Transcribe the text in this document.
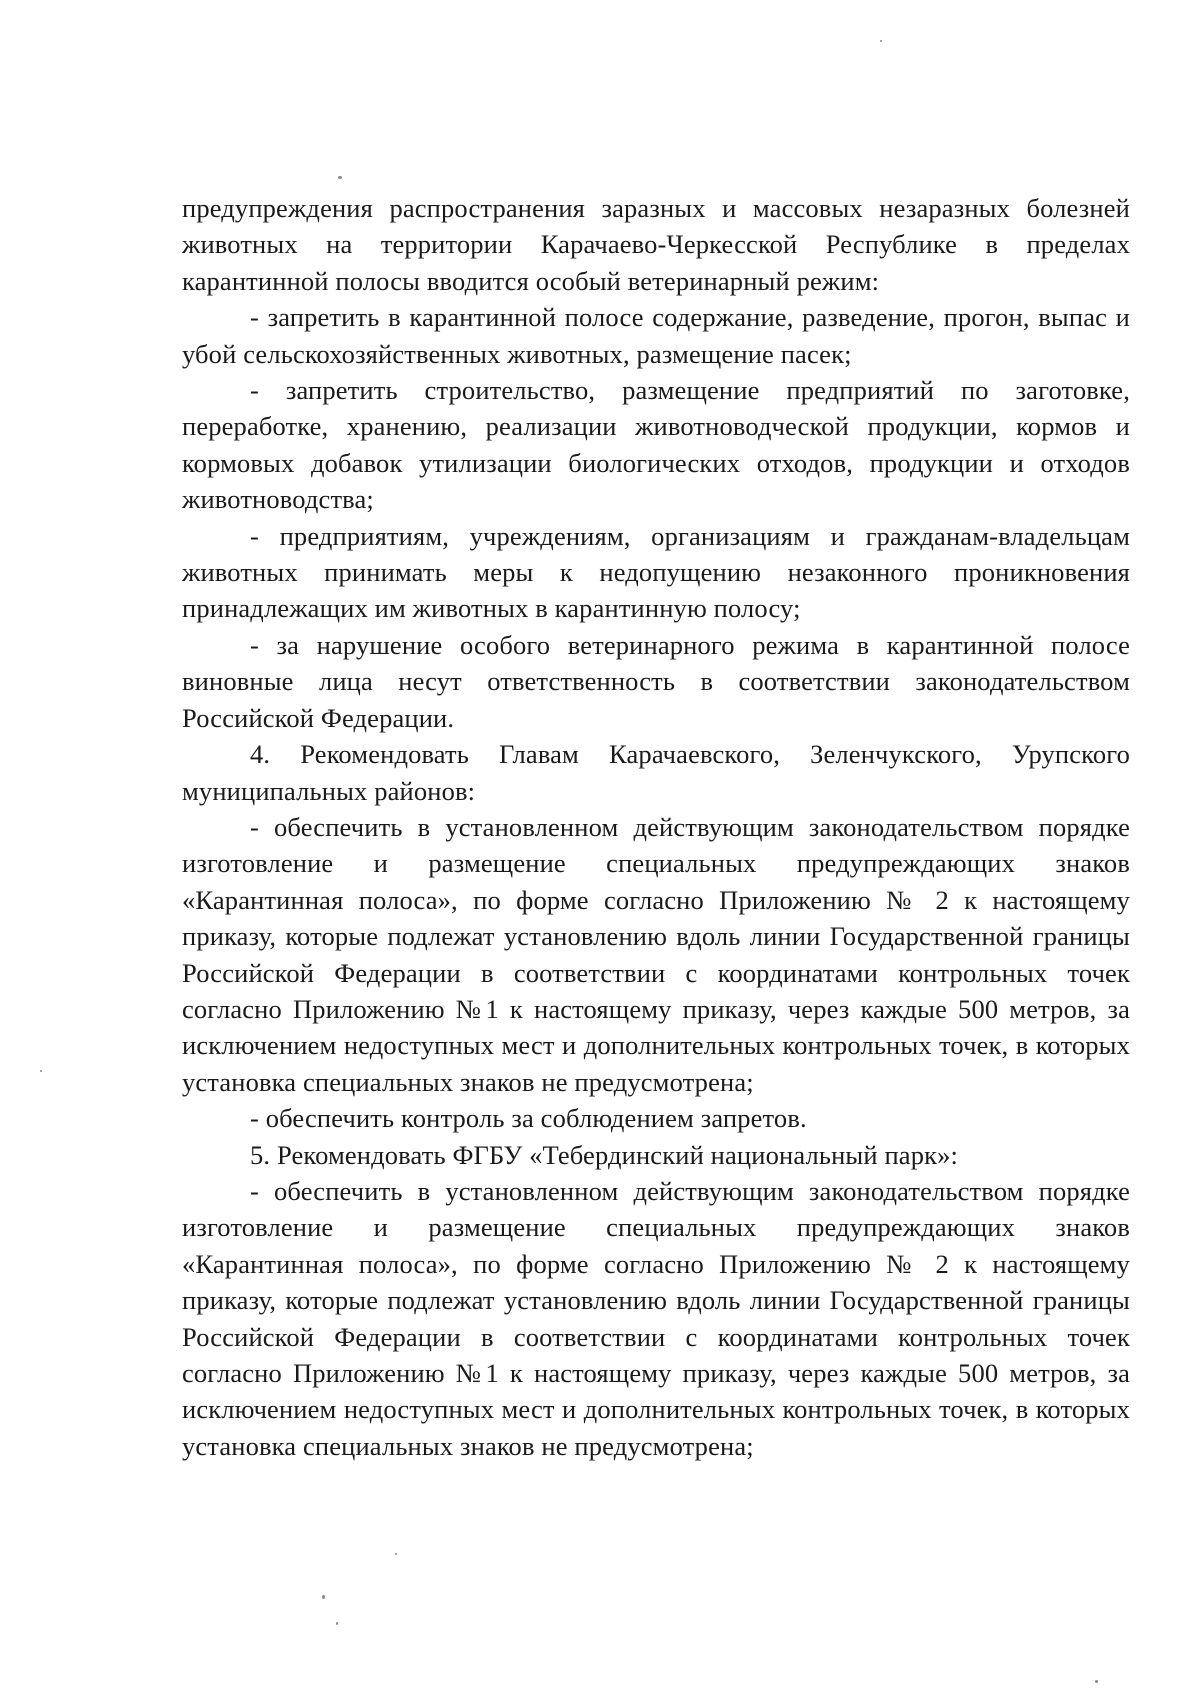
предупреждения распространения заразных и массовых незаразных болезней животных на территории Карачаево-Черкесской Республике в пределах карантинной полосы вводится особый ветеринарный режим:

- запретить в карантинной полосе содержание, разведение, прогон, выпас и убой сельскохозяйственных животных, размещение пасек;

- запретить строительство, размещение предприятий по заготовке, переработке, хранению, реализации животноводческой продукции, кормов и кормовых добавок утилизации биологических отходов, продукции и отходов животноводства;

- предприятиям, учреждениям, организациям и гражданам-владельцам животных принимать меры к недопущению незаконного проникновения принадлежащих им животных в карантинную полосу;

- за нарушение особого ветеринарного режима в карантинной полосе виновные лица несут ответственность в соответствии законодательством Российской Федерации.

4. Рекомендовать Главам Карачаевского, Зеленчукского, Урупского муниципальных районов:

- обеспечить в установленном действующим законодательством порядке изготовление и размещение специальных предупреждающих знаков «Карантинная полоса», по форме согласно Приложению № 2 к настоящему приказу, которые подлежат установлению вдоль линии Государственной границы Российской Федерации в соответствии с координатами контрольных точек согласно Приложению №1 к настоящему приказу, через каждые 500 метров, за исключением недоступных мест и дополнительных контрольных точек, в которых установка специальных знаков не предусмотрена;

- обеспечить контроль за соблюдением запретов.

5. Рекомендовать ФГБУ «Тебердинский национальный парк»:

- обеспечить в установленном действующим законодательством порядке изготовление и размещение специальных предупреждающих знаков «Карантинная полоса», по форме согласно Приложению № 2 к настоящему приказу, которые подлежат установлению вдоль линии Государственной границы Российской Федерации в соответствии с координатами контрольных точек согласно Приложению №1 к настоящему приказу, через каждые 500 метров, за исключением недоступных мест и дополнительных контрольных точек, в которых установка специальных знаков не предусмотрена;
